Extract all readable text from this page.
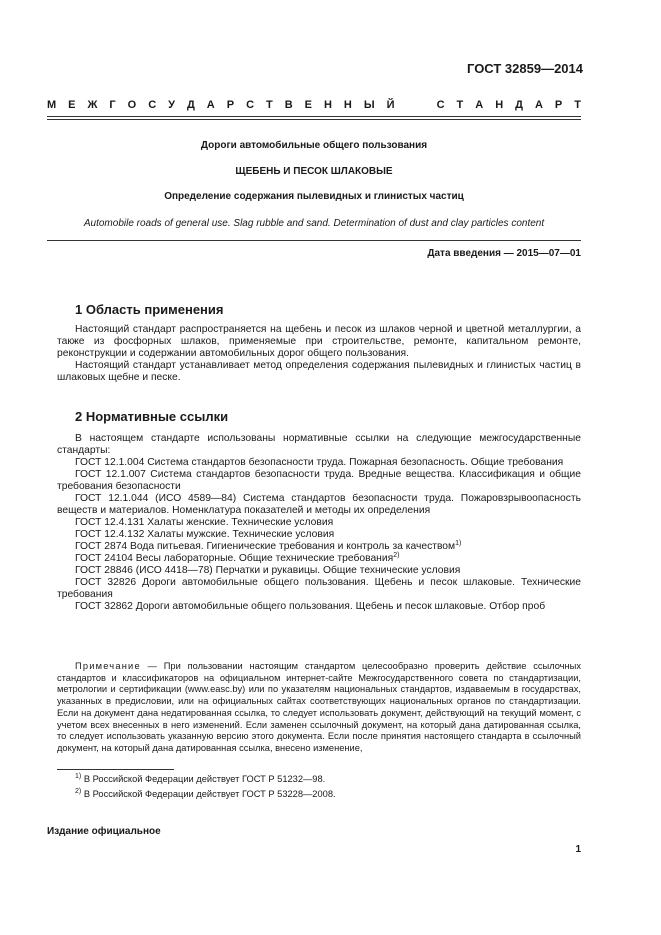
ГОСТ 32859—2014
М Е Ж Г О С У Д А Р С Т В Е Н Н Ы Й

	С Т А Н Д А Р Т
Дороги автомобильные общего пользования
ЩЕБЕНЬ И ПЕСОК ШЛАКОВЫЕ
Определение содержания пылевидных и глинистых частиц
Automobile roads of general use. Slag rubble and sand. Determination of dust and clay particles content
Дата введения — 2015—07—01
1 Область применения

Настоящий стандарт распространяется на щебень и песок из шлаков черной и цветной металлургии, а также из фосфорных шлаков, применяемые при строительстве, ремонте, капитальном ремонте, реконструкции и содержании автомобильных дорог общего пользования.

Настоящий стандарт устанавливает метод определения содержания пылевидных и глинистых частиц в шлаковых щебне и песке.

2 Нормативные ссылки

В настоящем стандарте использованы нормативные ссылки на следующие межгосударственные стандарты:

ГОСТ 12.1.004 Система стандартов безопасности труда. Пожарная безопасность. Общие требования

ГОСТ 12.1.007 Система стандартов безопасности труда. Вредные вещества. Классификация и общие требования безопасности

ГОСТ 12.1.044 (ИСО 4589—84) Система стандартов безопасности труда. Пожаровзрывоопасность веществ и материалов. Номенклатура показателей и методы их определения

ГОСТ 12.4.131 Халаты женские. Технические условия

ГОСТ 12.4.132 Халаты мужские. Технические условия

ГОСТ 2874 Вода питьевая. Гигиенические требования и контроль за качеством$^{1)}$

ГОСТ 24104 Весы лабораторные. Общие технические требования$^{2)}$

ГОСТ 28846 (ИСО 4418—78) Перчатки и рукавицы. Общие технические условия

ГОСТ 32826 Дороги автомобильные общего пользования. Щебень и песок шлаковые. Технические требования

ГОСТ 32862 Дороги автомобильные общего пользования. Щебень и песок шлаковые. Отбор проб

Примечание — При пользовании настоящим стандартом целесообразно проверить действие ссылочных стандартов и классификаторов на официальном интернет-сайте Межгосударственного совета по стандартизации, метрологии и сертификации (www.easc.by) или по указателям национальных стандартов, издаваемым в государствах, указанных в предисловии, или на официальных сайтах соответствующих национальных органов по стандартизации. Если на документ дана недатированная ссылка, то следует использовать документ, действующий на текущий момент, с учетом всех внесенных в него изменений. Если заменен ссылочный документ, на который дана датированная ссылка, то следует использовать указанную версию этого документа. Если после принятия настоящего стандарта в ссылочный документ, на который дана датированная ссылка, внесено изменение,

$^{1)}$ В Российской Федерации действует ГОСТ Р 51232—98.
$^{2)}$ В Российской Федерации действует ГОСТ Р 53228—2008.
Издание официальное
1
